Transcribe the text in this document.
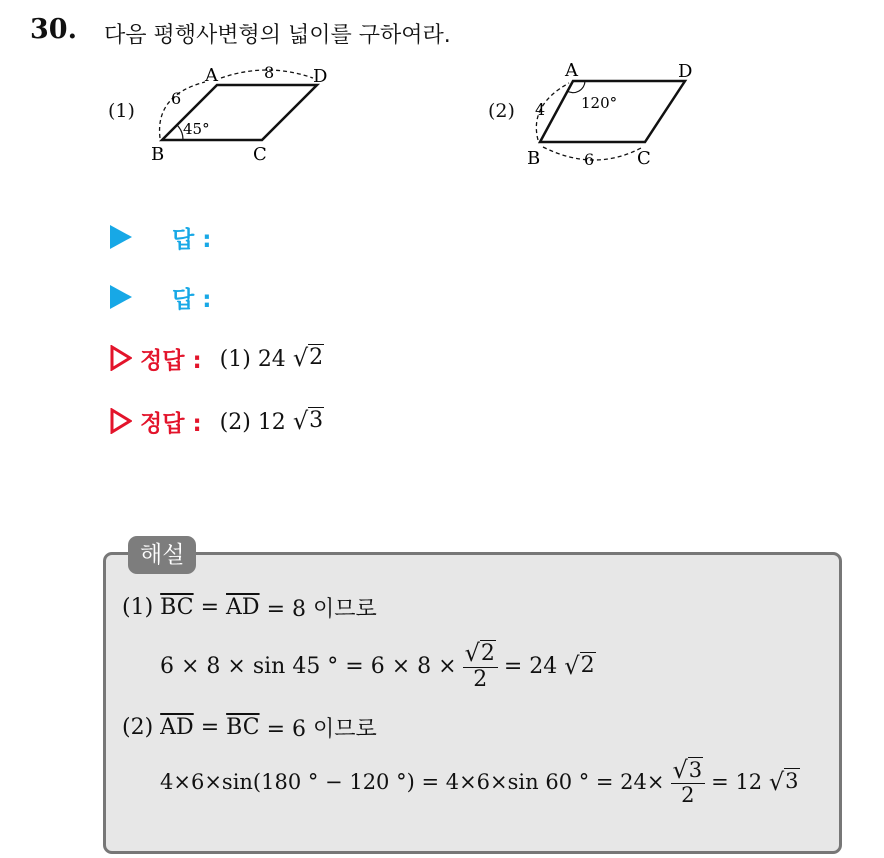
30. 다음 평행사변형의 넓이를 구하여라.
(1)
A	D
B	C
6
8
45°
(2)
A	D
B	C
4
6
120°
답 :
답 :
정답 : (1) 24 √ 2
정답 : (2) 12 √ 3
해설
(1)
$\overline{BC}$
=
$\overline{AD}$
= 8 이므로
6 × 8 × sin 45 ° = $6 \times 8 \times \frac{√ 2}{2} = 24$
√ 2
(2)
$\overline{AD}$
=
$\overline{BC}$
= 6 이므로
4×6×sin(180 ° − 120 °) = 4×6×sin 60 ° = $24\times \frac{√ 3}{2} = 12$
√ 3
